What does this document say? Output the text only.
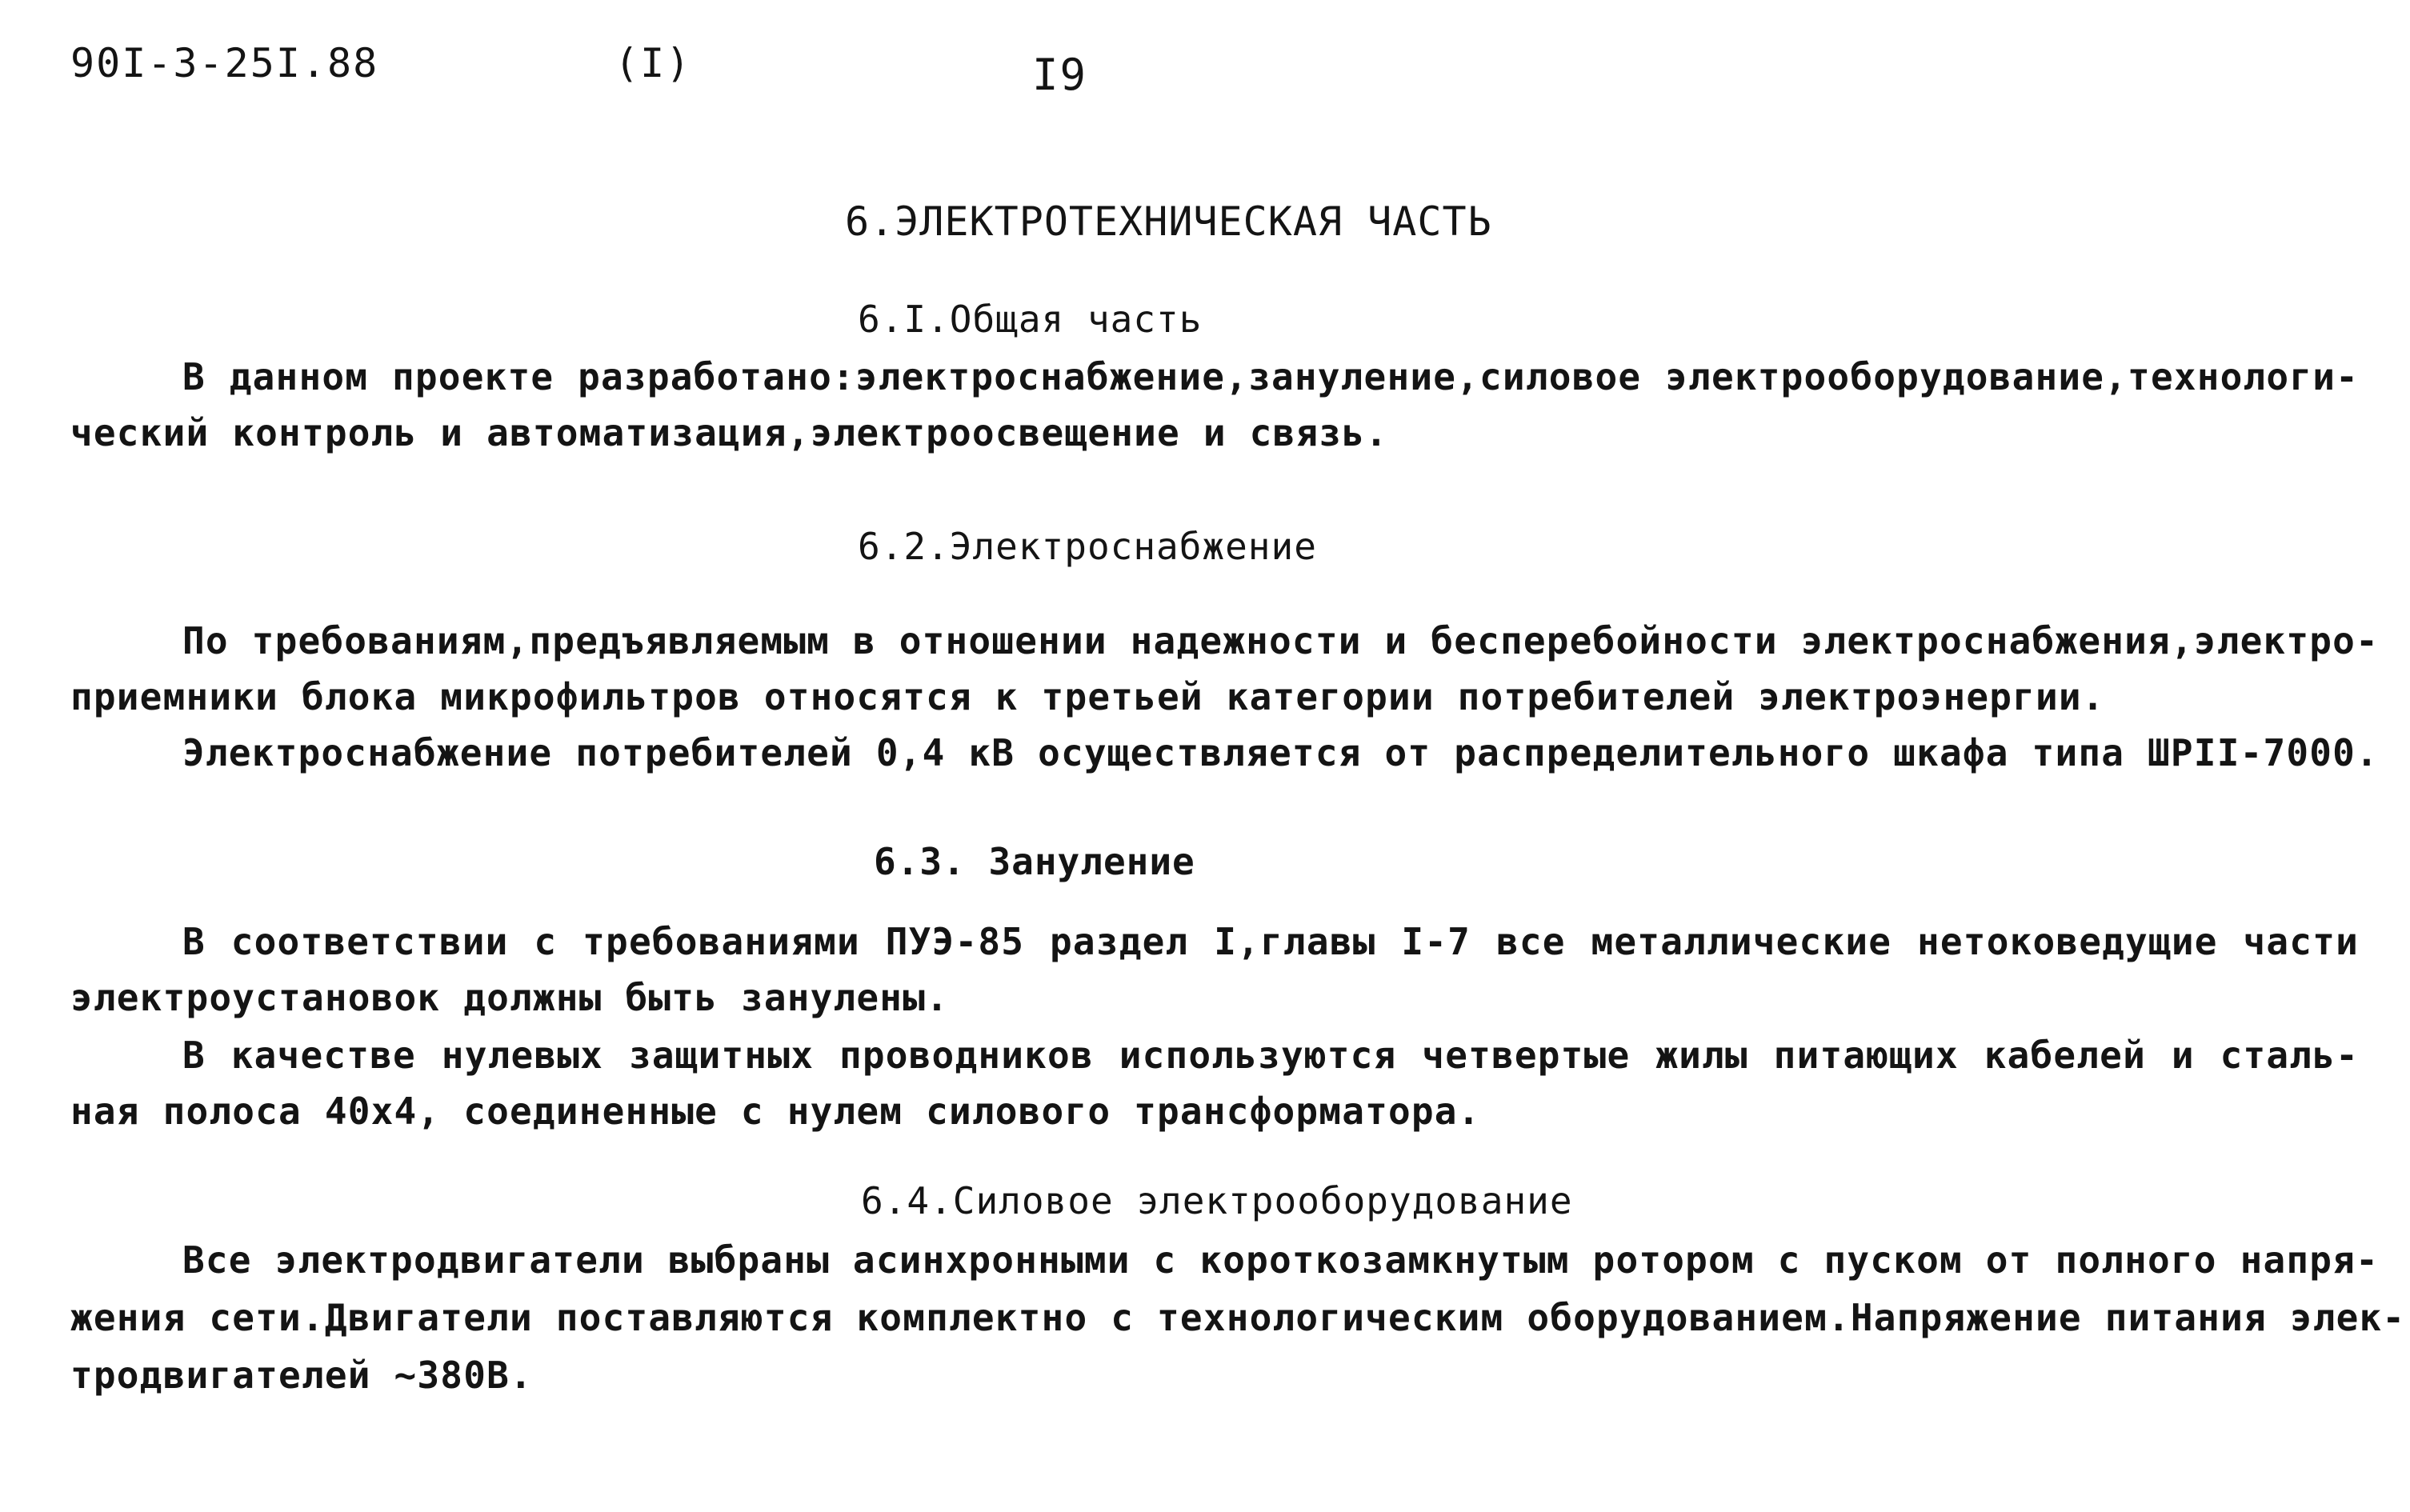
90I-3-25I.88	(I)	I9
6.ЭЛЕКТРОТЕХНИЧЕСКАЯ ЧАСТЬ
6.I.Общая часть
В данном проекте разработано:электроснабжение,зануление,силовое электрооборудование,технологи-
ческий контроль и автоматизация,электроосвещение и связь.
6.2.Электроснабжение
По требованиям,предъявляемым в отношении надежности и бесперебойности электроснабжения,электро-
приемники блока микрофильтров относятся к третьей категории потребителей электроэнергии.
Электроснабжение потребителей 0,4 кВ осуществляется от распределительного шкафа типа ШРII-7000.
6.3. Зануление
В соответствии с требованиями ПУЭ-85 раздел I,главы I-7 все металлические нетоковедущие части
электроустановок должны быть занулены.
В качестве нулевых защитных проводников используются четвертые жилы питающих кабелей и сталь-
ная полоса 40х4, соединенные с нулем силового трансформатора.
6.4.Силовое электрооборудование
Все электродвигатели выбраны асинхронными с короткозамкнутым ротором с пуском от полного напря-
жения сети.Двигатели поставляются комплектно с технологическим оборудованием.Напряжение питания элек-
тродвигателей ~380В.
